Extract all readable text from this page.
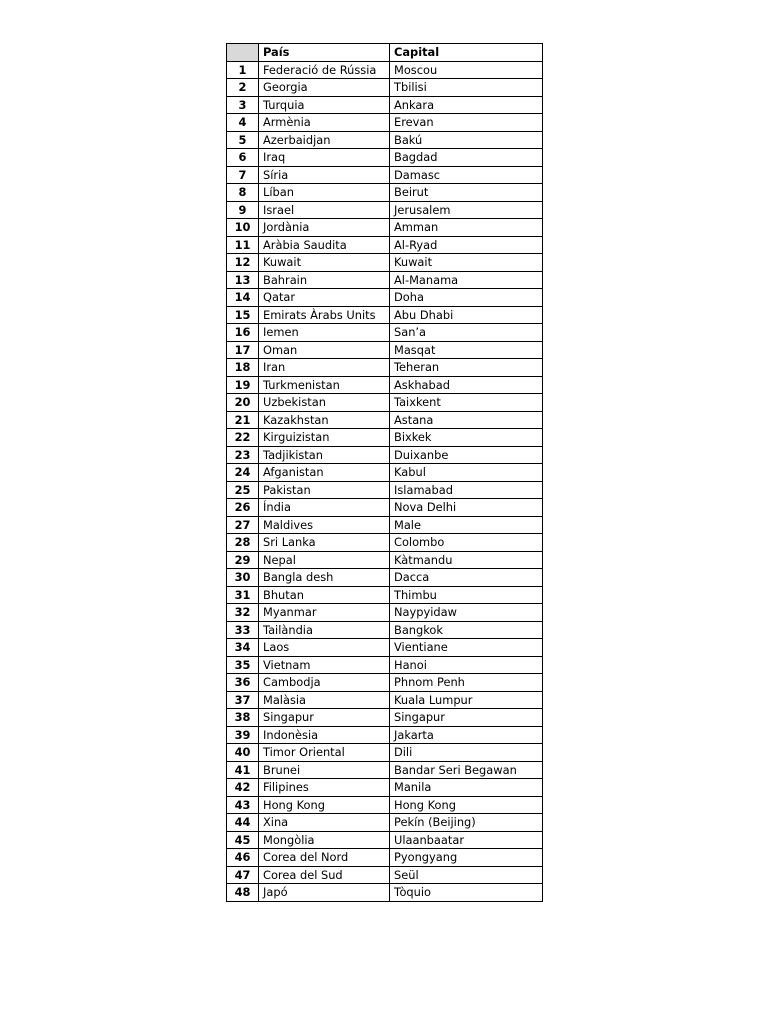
	País	Capital
1	Federació de Rússia	Moscou
2	Georgia	Tbilisi
3	Turquia	Ankara
4	Armènia	Erevan
5	Azerbaidjan	Bakú
6	Iraq	Bagdad
7	Síria	Damasc
8	Líban	Beirut
9	Israel	Jerusalem
10	Jordània	Amman
11	Aràbia Saudita	Al-Ryad
12	Kuwait	Kuwait
13	Bahrain	Al-Manama
14	Qatar	Doha
15	Emirats Àrabs Units	Abu Dhabi
16	Iemen	San’a
17	Oman	Masqat
18	Iran	Teheran
19	Turkmenistan	Askhabad
20	Uzbekistan	Taixkent
21	Kazakhstan	Astana
22	Kirguizistan	Bixkek
23	Tadjikistan	Duixanbe
24	Afganistan	Kabul
25	Pakistan	Islamabad
26	Índia	Nova Delhi
27	Maldives	Male
28	Sri Lanka	Colombo
29	Nepal	Kàtmandu
30	Bangla desh	Dacca
31	Bhutan	Thimbu
32	Myanmar	Naypyidaw
33	Tailàndia	Bangkok
34	Laos	Vientiane
35	Vietnam	Hanoi
36	Cambodja	Phnom Penh
37	Malàsia	Kuala Lumpur
38	Singapur	Singapur
39	Indonèsia	Jakarta
40	Timor Oriental	Dili
41	Brunei	Bandar Seri Begawan
42	Filipines	Manila
43	Hong Kong	Hong Kong
44	Xina	Pekín (Beijing)
45	Mongòlia	Ulaanbaatar
46	Corea del Nord	Pyongyang
47	Corea del Sud	Seül
48	Japó	Tòquio
